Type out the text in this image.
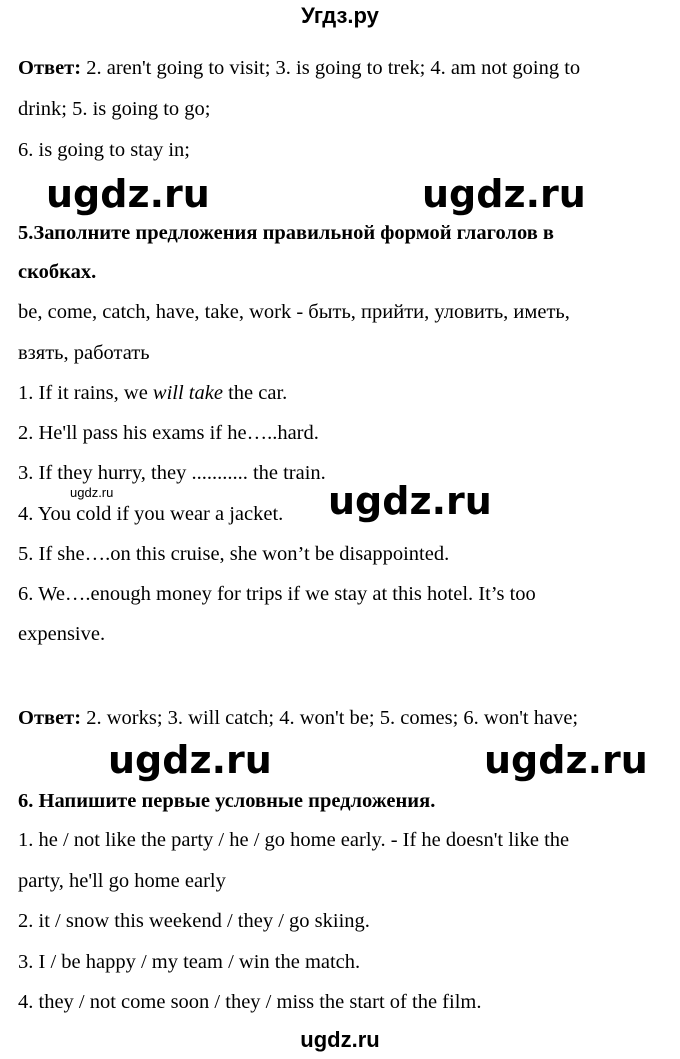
Угдз.ру
Ответ: 2. aren't going to visit; 3. is going to trek; 4. am not going to
drink; 5. is going to go;
6. is going to stay in;
ugdz.ru	ugdz.ru
5.Заполните предложения правильной формой глаголов в
скобках.
be, come, catch, have, take, work - быть, прийти, уловить, иметь,
взять, работать
1. If it rains, we will take the car.
2. He'll pass his exams if he…..hard.
3. If they hurry, they ........... the train.
ugdz.ru
4. You cold if you wear a jacket. ugdz.ru
5. If she….on this cruise, she won’t be disappointed.
6. We….enough money for trips if we stay at this hotel. It’s too
expensive.
Ответ: 2. works; 3. will catch; 4. won't be; 5. comes; 6. won't have;
ugdz.ru	ugdz.ru
6. Напишите первые условные предложения.
1. he / not like the party / he / go home early. - If he doesn't like the
party, he'll go home early
2. it / snow this weekend / they / go skiing.
3. I / be happy / my team / win the match.
4. they / not come soon / they / miss the start of the film.
ugdz.ru
